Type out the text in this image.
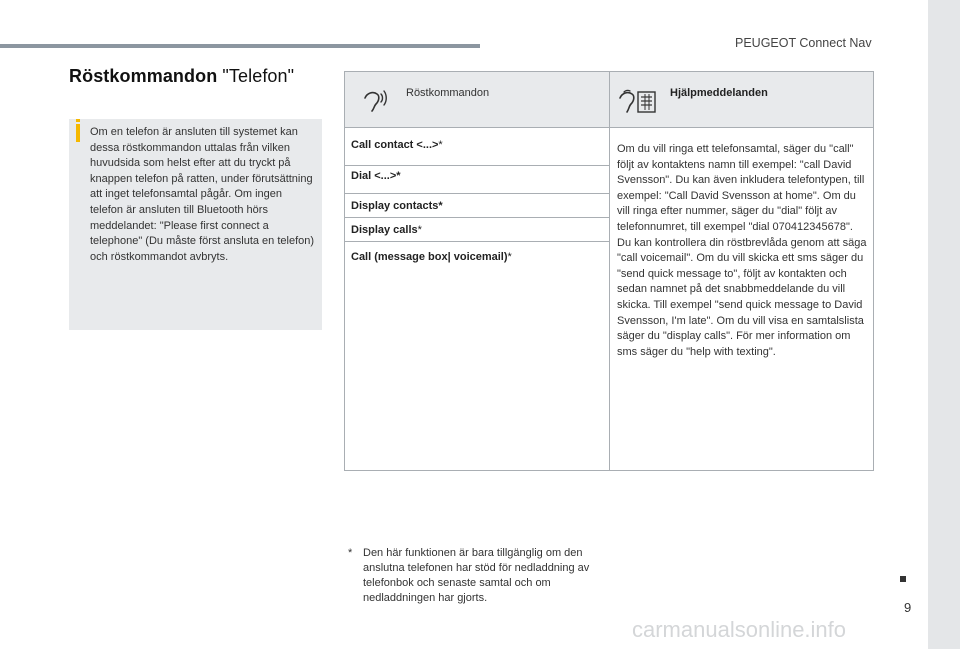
PEUGEOT Connect Nav
9
Röstkommandon "Telefon"

Om en telefon är ansluten till systemet kan dessa röstkommandon uttalas från vilken huvudsida som helst efter att du tryckt på knappen telefon på ratten, under förutsättning att inget telefonsamtal pågår. Om ingen telefon är ansluten till Bluetooth hörs meddelandet: "Please first connect a telephone" (Du måste först ansluta en telefon) och röstkommandot avbryts.

Röstkommandon	Hjälpmeddelanden
Call contact <...>*
Dial <...>*
Display contacts*
Display calls*
Call (message box| voicemail)*

Om du vill ringa ett telefonsamtal, säger du "call" följt av kontaktens namn till exempel: "call David Svensson". Du kan även inkludera telefontypen, till exempel: "Call David Svensson at home". Om du vill ringa efter nummer, säger du "dial" följt av telefonnumret, till exempel "dial 070412345678". Du kan kontrollera din röstbrevlåda genom att säga "call voicemail". Om du vill skicka ett sms säger du "send quick message to", följt av kontakten och sedan namnet på det snabbmeddelande du vill skicka. Till exempel "send quick message to David Svensson, I'm late". Om du vill visa en samtalslista säger du "display calls". För mer information om sms säger du "help with texting".

* Den här funktionen är bara tillgänglig om den anslutna telefonen har stöd för nedladdning av telefonbok och senaste samtal och om nedladdningen har gjorts.
carmanualsonline.info
